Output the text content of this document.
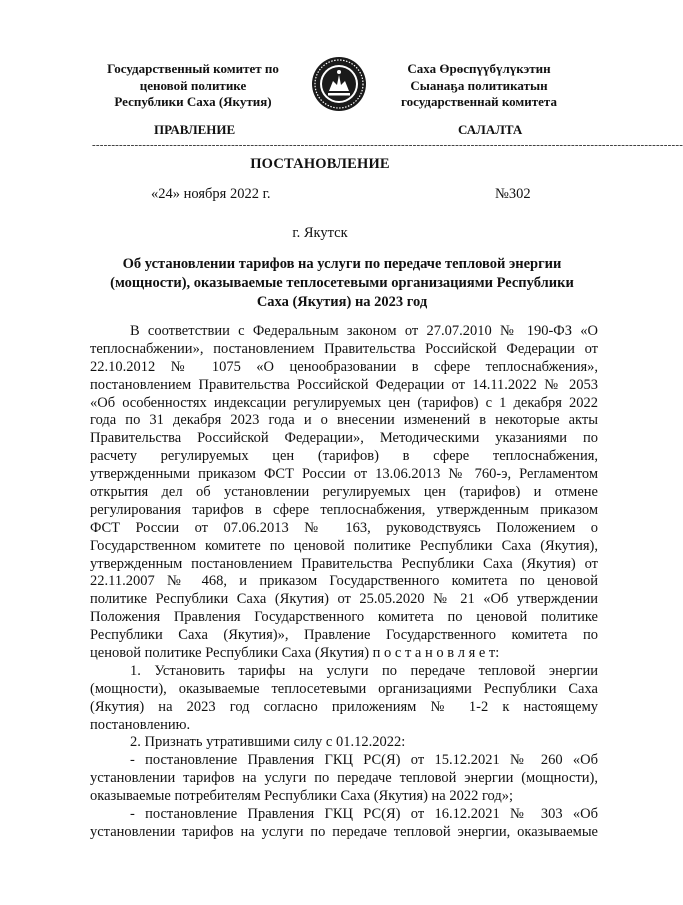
Государственный комитет по
ценовой политике
Республики Саха (Якутия)
Саха Өрөспүүбүлүкэтин
Сыанаҕа политикатын
государственнай комитета
ПРАВЛЕНИЕ	САЛАЛТА
---------------------------------------------------------------------------------------------------------------------------------------------------------
ПОСТАНОВЛЕНИЕ
«24» ноября 2022 г.	№302
г. Якутск
Об установлении тарифов на услуги по передаче тепловой энергии
(мощности), оказываемые теплосетевыми организациями Республики
Саха (Якутия) на 2023 год
В соответствии с Федеральным законом от 27.07.2010 № 190-ФЗ «О
теплоснабжении», постановлением Правительства Российской Федерации от
22.10.2012 № 1075 «О ценообразовании в сфере теплоснабжения»,
постановлением Правительства Российской Федерации от 14.11.2022 № 2053
«Об особенностях индексации регулируемых цен (тарифов) с 1 декабря 2022
года по 31 декабря 2023 года и о внесении изменений в некоторые акты
Правительства Российской Федерации», Методическими указаниями по
расчету регулируемых цен (тарифов) в сфере теплоснабжения,
утвержденными приказом ФСТ России от 13.06.2013 № 760-э, Регламентом
открытия дел об установлении регулируемых цен (тарифов) и отмене
регулирования тарифов в сфере теплоснабжения, утвержденным приказом
ФСТ России от 07.06.2013 № 163, руководствуясь Положением о
Государственном комитете по ценовой политике Республики Саха (Якутия),
утвержденным постановлением Правительства Республики Саха (Якутия) от
22.11.2007 № 468, и приказом Государственного комитета по ценовой
политике Республики Саха (Якутия) от 25.05.2020 № 21 «Об утверждении
Положения Правления Государственного комитета по ценовой политике
Республики Саха (Якутия)», Правление Государственного комитета по
ценовой политике Республики Саха (Якутия) п о с т а н о в л я е т:
1. Установить тарифы на услуги по передаче тепловой энергии
(мощности), оказываемые теплосетевыми организациями Республики Саха
(Якутия) на 2023 год согласно приложениям № 1-2 к настоящему
постановлению.
2. Признать утратившими силу с 01.12.2022:
- постановление Правления ГКЦ РС(Я) от 15.12.2021 № 260 «Об
установлении тарифов на услуги по передаче тепловой энергии (мощности),
оказываемые потребителям Республики Саха (Якутия) на 2022 год»;
- постановление Правления ГКЦ РС(Я) от 16.12.2021 № 303 «Об
установлении тарифов на услуги по передаче тепловой энергии, оказываемые
